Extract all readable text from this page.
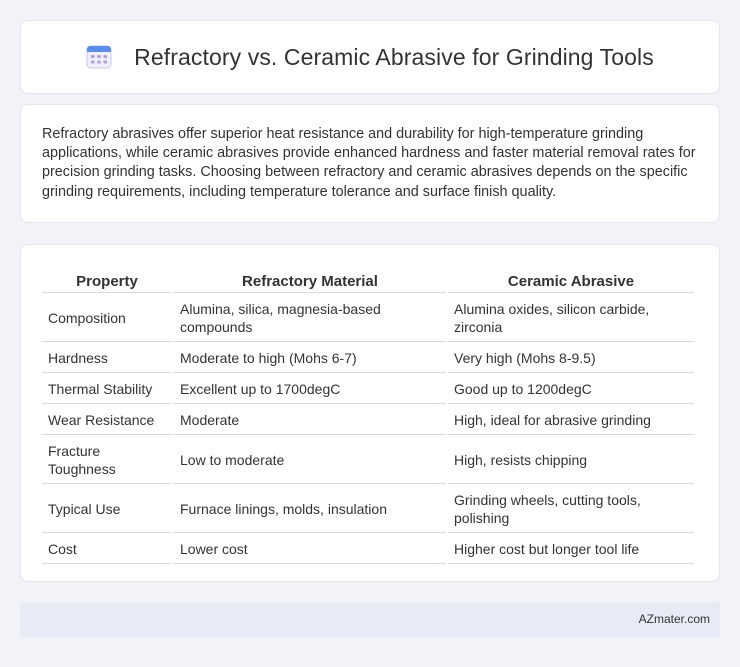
Refractory vs. Ceramic Abrasive for Grinding Tools

Refractory abrasives offer superior heat resistance and durability for high-temperature grinding applications, while ceramic abrasives provide enhanced hardness and faster material removal rates for precision grinding tasks. Choosing between refractory and ceramic abrasives depends on the specific grinding requirements, including temperature tolerance and surface finish quality.

Property	Refractory Material	Ceramic Abrasive
Composition	Alumina, silica, magnesia-based compounds	Alumina oxides, silicon carbide, zirconia
Hardness	Moderate to high (Mohs 6-7)	Very high (Mohs 8-9.5)
Thermal Stability	Excellent up to 1700degC	Good up to 1200degC
Wear Resistance	Moderate	High, ideal for abrasive grinding
Fracture Toughness	Low to moderate	High, resists chipping
Typical Use	Furnace linings, molds, insulation	Grinding wheels, cutting tools, polishing
Cost	Lower cost	Higher cost but longer tool life
AZmater.com
